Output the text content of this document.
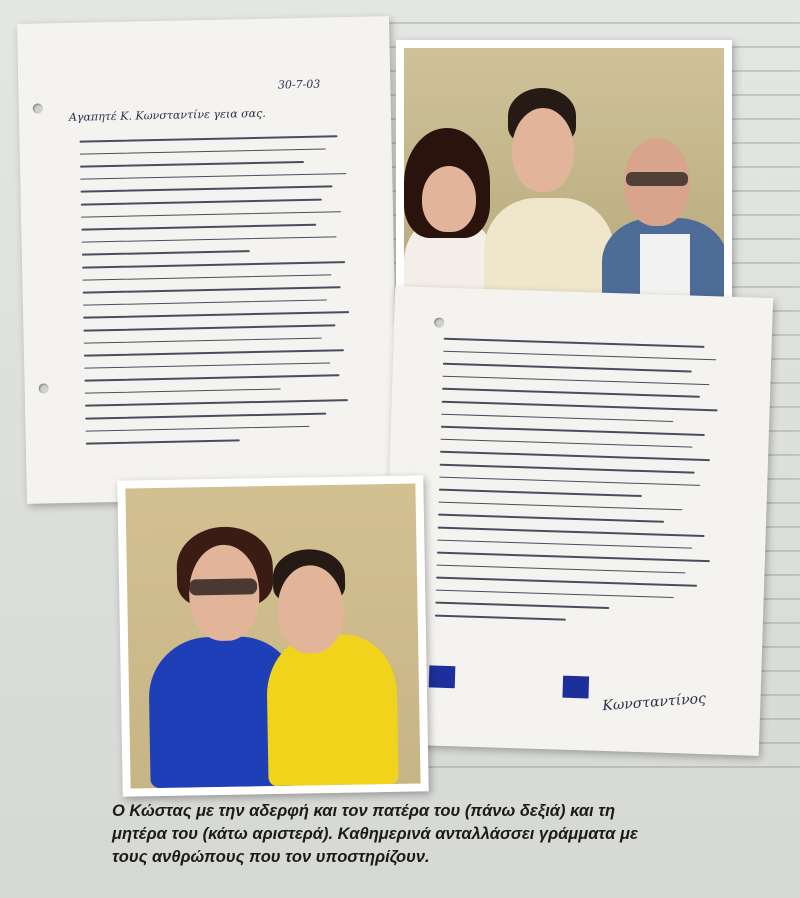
30-7-03
Αγαπητέ Κ. Κωνσταντίνε γεια σας.
Κωνσταντίνος
Ο Κώστας με την αδερφή και τον πατέρα του (πάνω δεξιά) και τη
μητέρα του (κάτω αριστερά). Καθημερινά ανταλλάσσει γράμματα με
τους ανθρώπους που τον υποστηρίζουν.
